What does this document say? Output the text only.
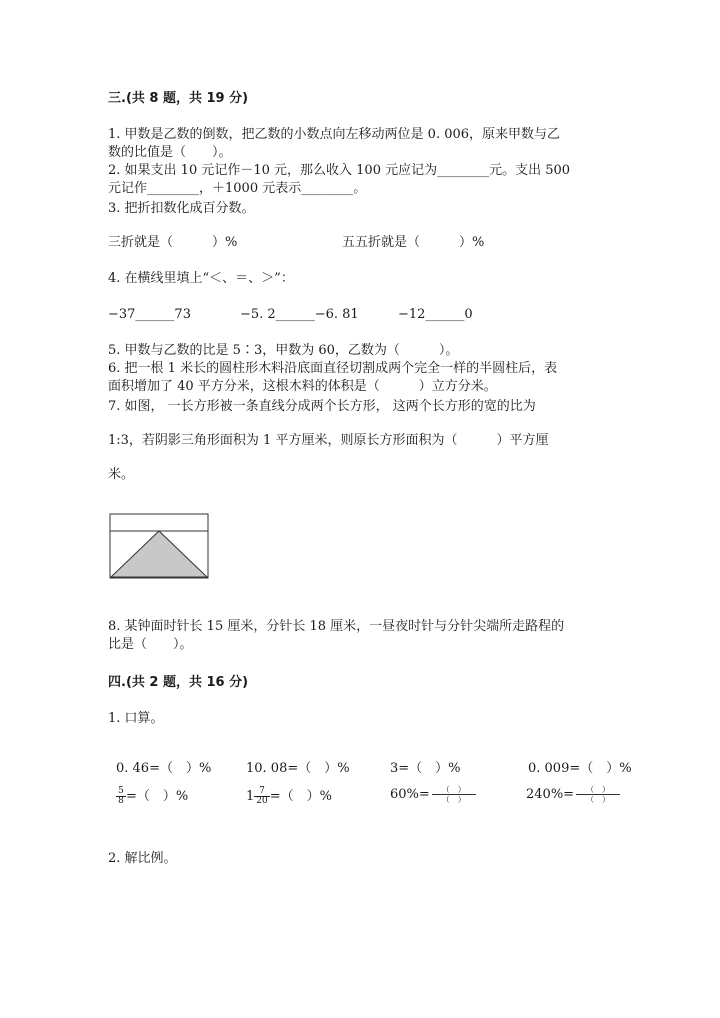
三.(共 8 题，共 19 分)
1. 甲数是乙数的倒数，把乙数的小数点向左移动两位是 0. 006，原来甲数与乙
数的比值是（　　）。
2. 如果支出 10 元记作－10 元，那么收入 100 元应记为________元。支出 500
元记作________，＋1000 元表示________。
3. 把折扣数化成百分数。
三折就是（　　　）%	五五折就是（　　　）%
4. 在横线里填上“＜、＝、＞”：
−37______73	−5. 2______−6. 81	−12______0
5. 甲数与乙数的比是 5∶3，甲数为 60，乙数为（　　　）。
6. 把一根 1 米长的圆柱形木料沿底面直径切割成两个完全一样的半圆柱后，表
面积增加了 40 平方分米，这根木料的体积是（　　　）立方分米。
7. 如图， 一长方形被一条直线分成两个长方形， 这两个长方形的宽的比为
1:3，若阴影三角形面积为 1 平方厘米，则原长方形面积为（　　　）平方厘
米。
8. 某钟面时针长 15 厘米，分针长 18 厘米，一昼夜时针与分针尖端所走路程的
比是（　　）。
四.(共 2 题，共 16 分)
1. 口算。
0. 46=（　）%	10. 08=（　）%	3=（　）%	0. 009=（　）%
$\frac{5}{8}$ =（　）%	$1 \frac{7}{20}$ =（　）%	$60\%= \frac{( )}{( )}$	$240\%= \frac{( )}{( )}$
2. 解比例。
